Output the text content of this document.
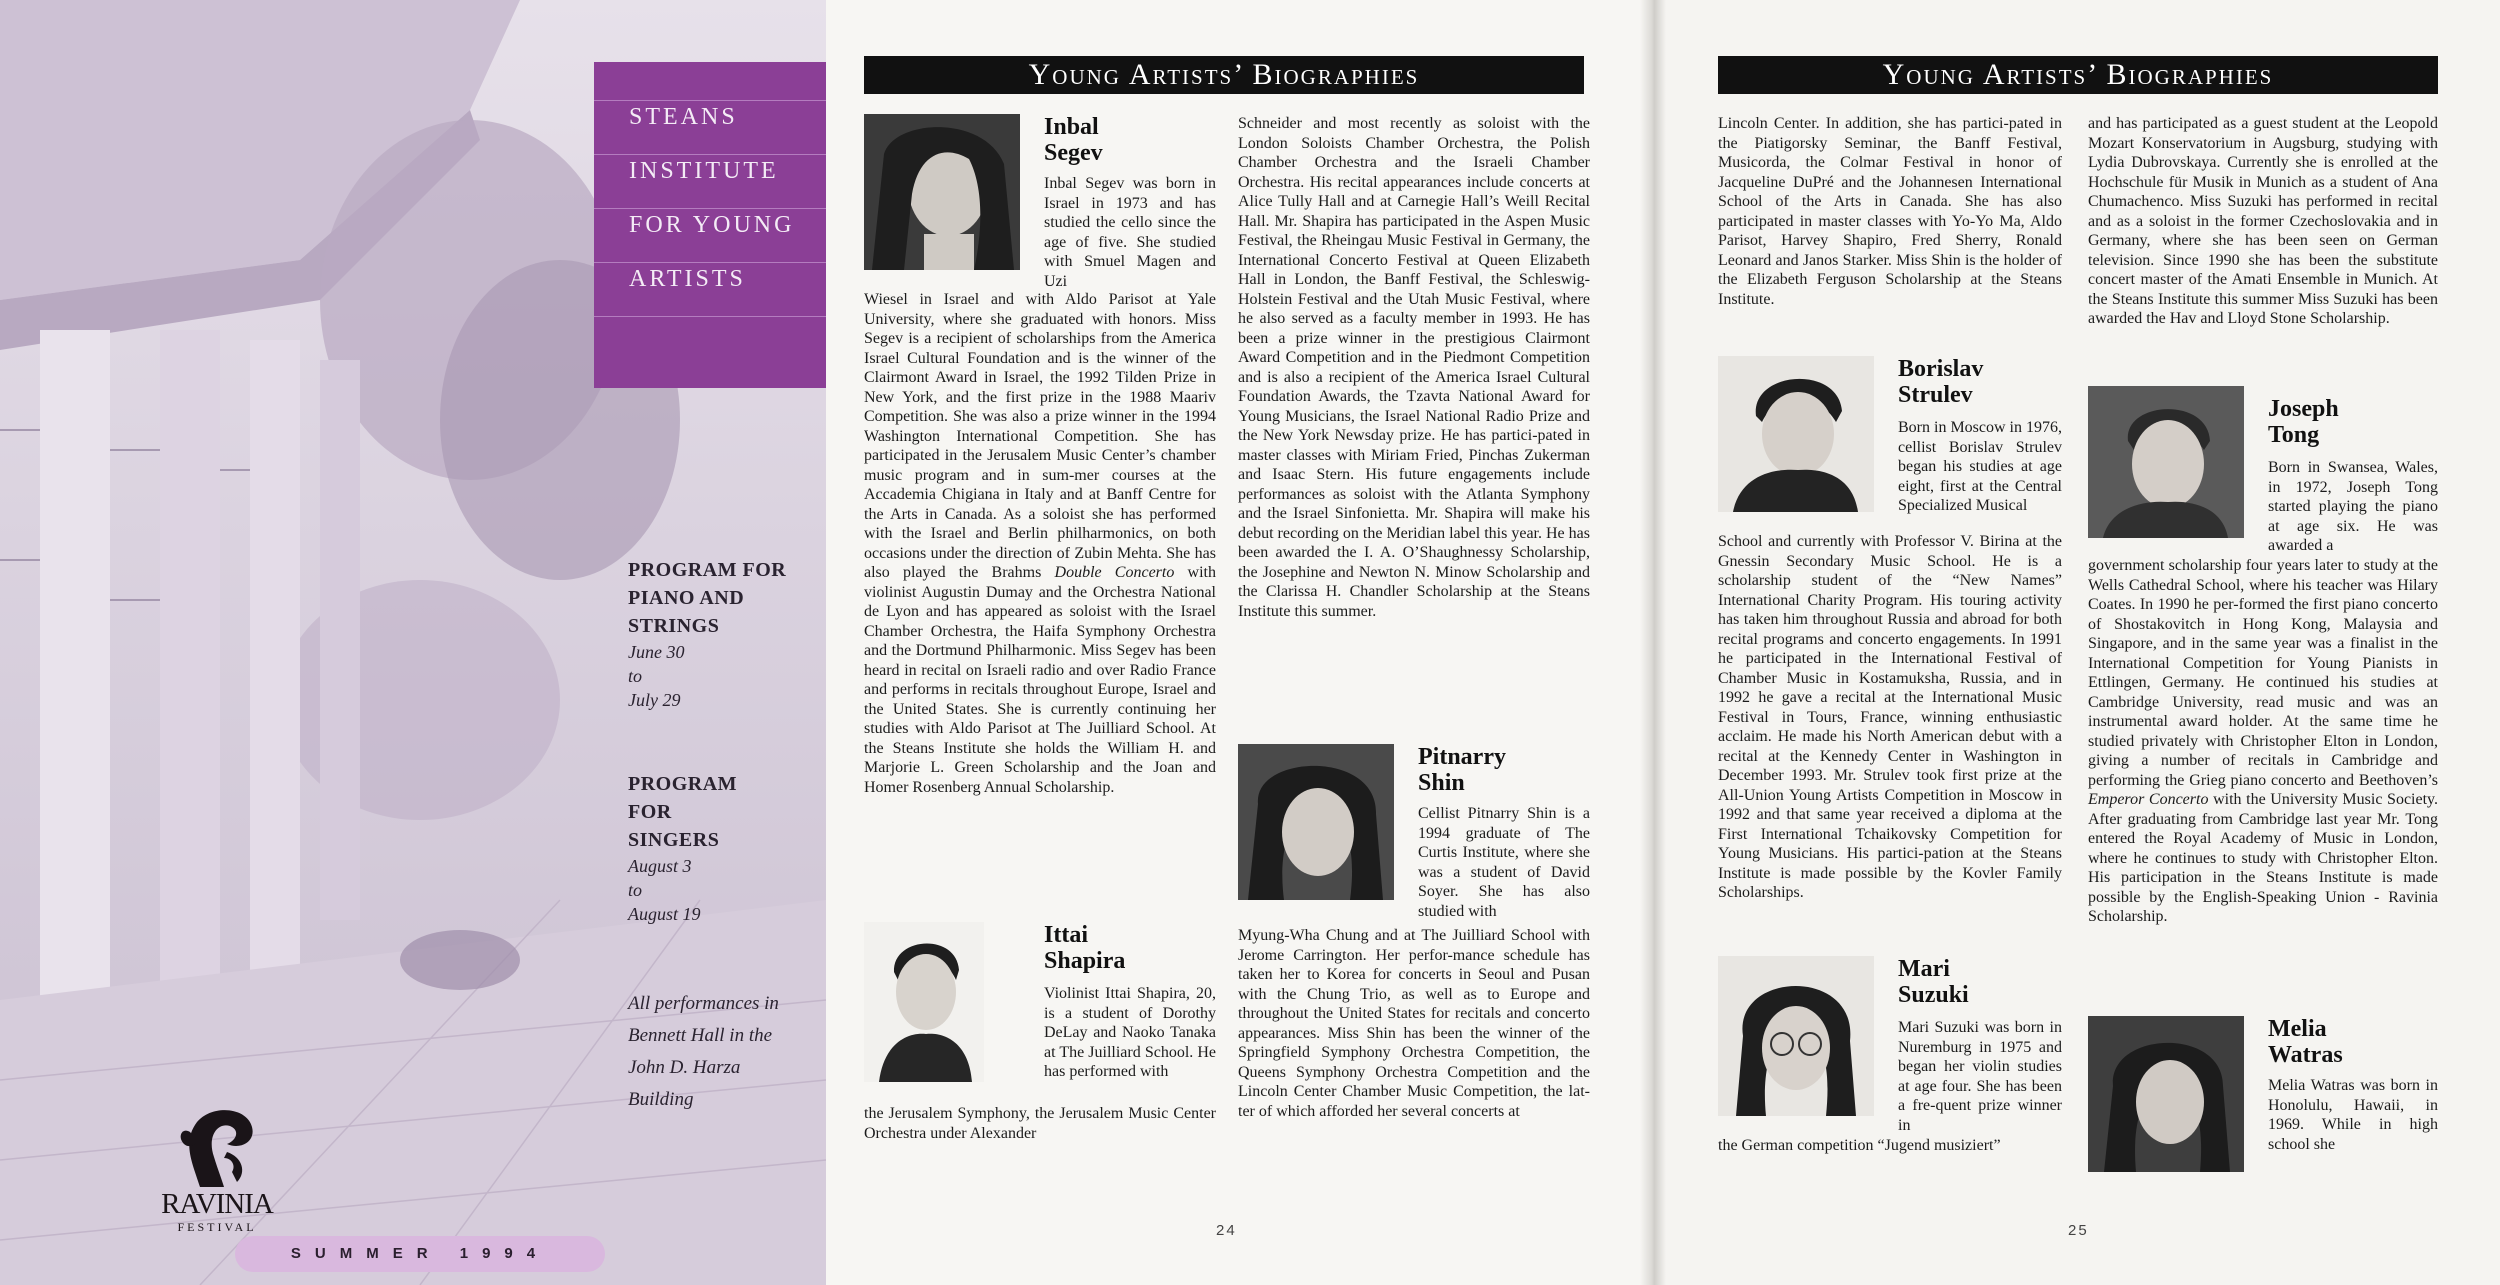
STEANS
INSTITUTE
FOR YOUNG
ARTISTS
PROGRAM FOR
PIANO AND
STRINGS
June 30
to
July 29
PROGRAM
FOR
SINGERS
August 3
to
August 19
All performances in
Bennett Hall in the
John D. Harza
Building
RAVINIA
FESTIVAL
SUMMER 1994
Young Artists’ Biographies	Young Artists’ Biographies
Inbal
Segev
Inbal Segev was born in Israel in 1973 and has studied the cello since the age of five. She studied with Smuel Magen and Uzi
Wiesel in Israel and with Aldo Parisot at Yale University, where she graduated with honors. Miss Segev is a recipient of scholarships from the America Israel Cultural Foundation and is the winner of the Clairmont Award in Israel, the 1992 Tilden Prize in New York, and the first prize in the 1988 Maariv Competition. She was also a prize winner in the 1994 Washington International Competition. She has participated in the Jerusalem Music Center’s chamber music program and in sum-mer courses at the Accademia Chigiana in Italy and at Banff Centre for the Arts in Canada. As a soloist she has performed with the Israel and Berlin philharmonics, on both occasions under the direction of Zubin Mehta. She has also played the Brahms Double Concerto with violinist Augustin Dumay and the Orchestra National de Lyon and has appeared as soloist with the Israel Chamber Orchestra, the Haifa Symphony Orchestra and the Dortmund Philharmonic. Miss Segev has been heard in recital on Israeli radio and over Radio France and performs in recitals throughout Europe, Israel and the United States. She is currently continuing her studies with Aldo Parisot at The Juilliard School. At the Steans Institute she holds the William H. and Marjorie L. Green Scholarship and the Joan and Homer Rosenberg Annual Scholarship.
Ittai
Shapira
Violinist Ittai Shapira, 20, is a student of Dorothy DeLay and Naoko Tanaka at The Juilliard School. He has performed with
the Jerusalem Symphony, the Jerusalem Music Center Orchestra under Alexander
Schneider and most recently as soloist with the London Soloists Chamber Orchestra, the Polish Chamber Orchestra and the Israeli Chamber Orchestra. His recital appearances include concerts at Alice Tully Hall and at Carnegie Hall’s Weill Recital Hall. Mr. Shapira has participated in the Aspen Music Festival, the Rheingau Music Festival in Germany, the International Concerto Festival at Queen Elizabeth Hall in London, the Banff Festival, the Schleswig-Holstein Festival and the Utah Music Festival, where he also served as a faculty member in 1993. He has been a prize winner in the prestigious Clairmont Award Competition and in the Piedmont Competition and is also a recipient of the America Israel Cultural Foundation Awards, the Tzavta National Award for Young Musicians, the Israel National Radio Prize and the New York Newsday prize. He has partici-pated in master classes with Miriam Fried, Pinchas Zukerman and Isaac Stern. His future engagements include performances as soloist with the Atlanta Symphony and the Israel Sinfonietta. Mr. Shapira will make his debut recording on the Meridian label this year. He has been awarded the I. A. O’Shaughnessy Scholarship, the Josephine and Newton N. Minow Scholarship and the Clarissa H. Chandler Scholarship at the Steans Institute this summer.
Pitnarry
Shin
Cellist Pitnarry Shin is a 1994 graduate of The Curtis Institute, where she was a student of David Soyer. She has also studied with
Myung-Wha Chung and at The Juilliard School with Jerome Carrington. Her perfor-mance schedule has taken her to Korea for concerts in Seoul and Pusan with the Chung Trio, as well as to Europe and throughout the United States for recitals and concerto appearances. Miss Shin has been the winner of the Springfield Symphony Orchestra Competition, the Queens Symphony Orchestra Competition and the Lincoln Center Chamber Music Competition, the lat-ter of which afforded her several concerts at
24
Lincoln Center. In addition, she has partici-pated in the Piatigorsky Seminar, the Banff Festival, Musicorda, the Colmar Festival in honor of Jacqueline DuPré and the Johannesen International School of the Arts in Canada. She has also participated in master classes with Yo-Yo Ma, Aldo Parisot, Harvey Shapiro, Fred Sherry, Ronald Leonard and Janos Starker. Miss Shin is the holder of the Elizabeth Ferguson Scholarship at the Steans Institute.
Borislav
Strulev
Born in Moscow in 1976, cellist Borislav Strulev began his studies at age eight, first at the Central Specialized Musical
School and currently with Professor V. Birina at the Gnessin Secondary Music School. He is a scholarship student of the “New Names” International Charity Program. His touring activity has taken him throughout Russia and abroad for both recital programs and concerto engagements. In 1991 he participated in the International Festival of Chamber Music in Kostamuksha, Russia, and in 1992 he gave a recital at the International Music Festival in Tours, France, winning enthusiastic acclaim. He made his North American debut with a recital at the Kennedy Center in Washington in December 1993. Mr. Strulev took first prize at the All-Union Young Artists Competition in Moscow in 1992 and that same year received a diploma at the First International Tchaikovsky Competition for Young Musicians. His partici-pation at the Steans Institute is made possible by the Kovler Family Scholarships.
Mari
Suzuki
Mari Suzuki was born in Nuremburg in 1975 and began her violin studies at age four. She has been a fre-quent prize winner in
the German competition “Jugend musiziert”
and has participated as a guest student at the Leopold Mozart Konservatorium in Augsburg, studying with Lydia Dubrovskaya. Currently she is enrolled at the Hochschule für Musik in Munich as a student of Ana Chumachenco. Miss Suzuki has performed in recital and as a soloist in the former Czechoslovakia and in Germany, where she has been seen on German television. Since 1990 she has been the substitute concert master of the Amati Ensemble in Munich. At the Steans Institute this summer Miss Suzuki has been awarded the Hav and Lloyd Stone Scholarship.
Joseph
Tong
Born in Swansea, Wales, in 1972, Joseph Tong started playing the piano at age six. He was awarded a
government scholarship four years later to study at the Wells Cathedral School, where his teacher was Hilary Coates. In 1990 he per-formed the first piano concerto of Shostakovitch in Hong Kong, Malaysia and Singapore, and in the same year was a finalist in the International Competition for Young Pianists in Ettlingen, Germany. He continued his studies at Cambridge University, read music and was an instrumental award holder. At the same time he studied privately with Christopher Elton in London, giving a number of recitals in Cambridge and performing the Grieg piano concerto and Beethoven’s Emperor Concerto with the University Music Society. After graduating from Cambridge last year Mr. Tong entered the Royal Academy of Music in London, where he continues to study with Christopher Elton. His participation in the Steans Institute is made possible by the English-Speaking Union - Ravinia Scholarship.
Melia
Watras
Melia Watras was born in Honolulu, Hawaii, in 1969. While in high school she
25
